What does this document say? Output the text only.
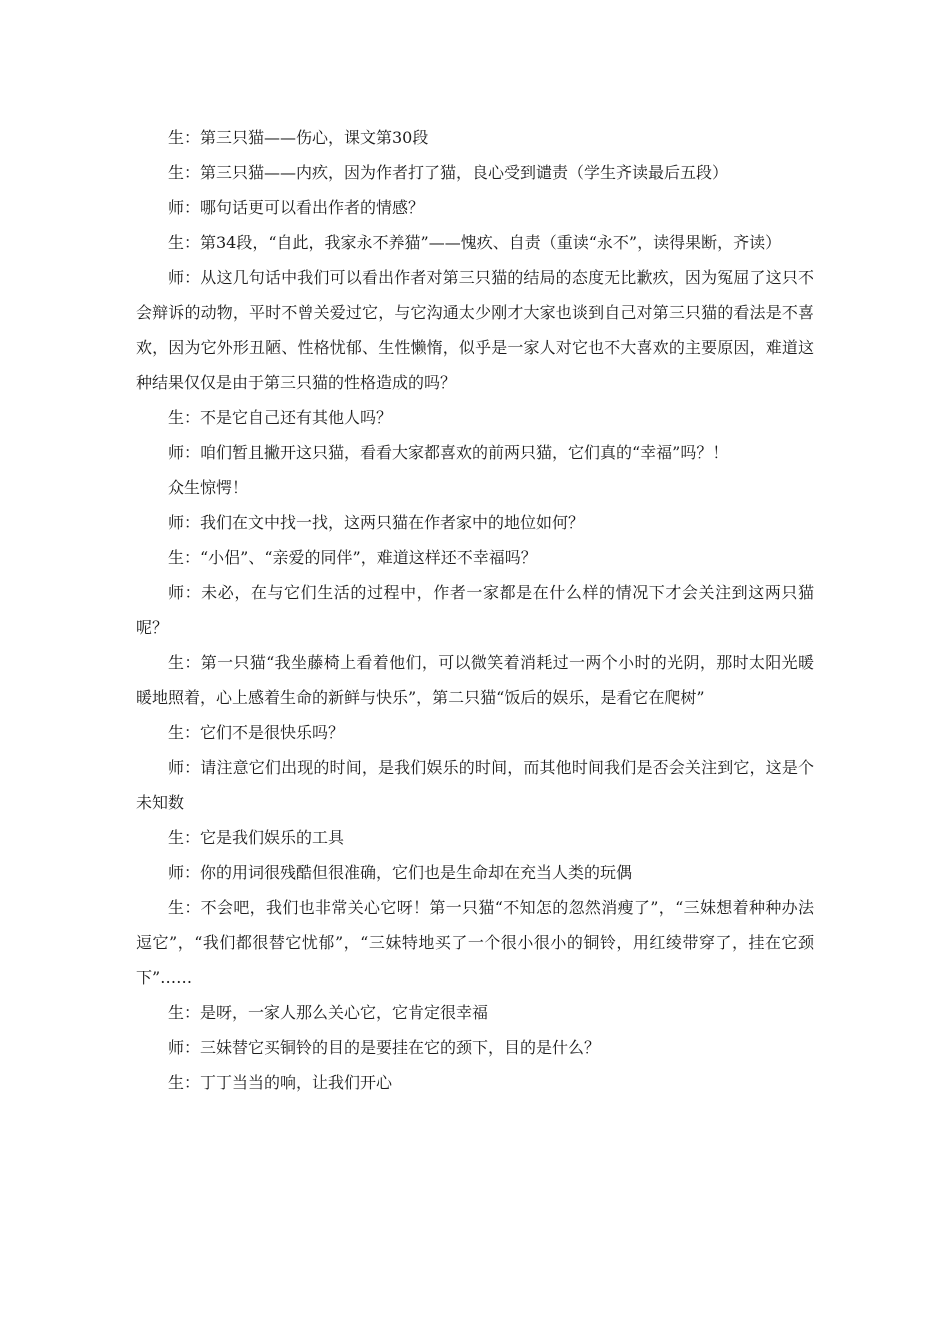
生：第三只猫——伤心，课文第30段

生：第三只猫——内疚，因为作者打了猫，良心受到谴责（学生齐读最后五段）

师：哪句话更可以看出作者的情感？

生：第34段，“自此，我家永不养猫”——愧疚、自责（重读“永不”，读得果断，齐读）

师：从这几句话中我们可以看出作者对第三只猫的结局的态度无比歉疚，因为冤屈了这只不会辩诉的动物，平时不曾关爱过它，与它沟通太少刚才大家也谈到自己对第三只猫的看法是不喜欢，因为它外形丑陋、性格忧郁、生性懒惰，似乎是一家人对它也不大喜欢的主要原因，难道这种结果仅仅是由于第三只猫的性格造成的吗？

生：不是它自己还有其他人吗？

师：咱们暂且撇开这只猫，看看大家都喜欢的前两只猫，它们真的“幸福”吗？！

众生惊愕！

师：我们在文中找一找，这两只猫在作者家中的地位如何？

生：“小侣”、“亲爱的同伴”，难道这样还不幸福吗？

师：未必，在与它们生活的过程中，作者一家都是在什么样的情况下才会关注到这两只猫呢？

生：第一只猫“我坐藤椅上看着他们，可以微笑着消耗过一两个小时的光阴，那时太阳光暖暖地照着，心上感着生命的新鲜与快乐”，第二只猫“饭后的娱乐，是看它在爬树”

生：它们不是很快乐吗？

师：请注意它们出现的时间，是我们娱乐的时间，而其他时间我们是否会关注到它，这是个未知数

生：它是我们娱乐的工具

师：你的用词很残酷但很准确，它们也是生命却在充当人类的玩偶

生：不会吧，我们也非常关心它呀！第一只猫“不知怎的忽然消瘦了”，“三妹想着种种办法逗它”，“我们都很替它忧郁”，“三妹特地买了一个很小很小的铜铃，用红绫带穿了，挂在它颈下”……

生：是呀，一家人那么关心它，它肯定很幸福

师：三妹替它买铜铃的目的是要挂在它的颈下，目的是什么？

生：丁丁当当的响，让我们开心
